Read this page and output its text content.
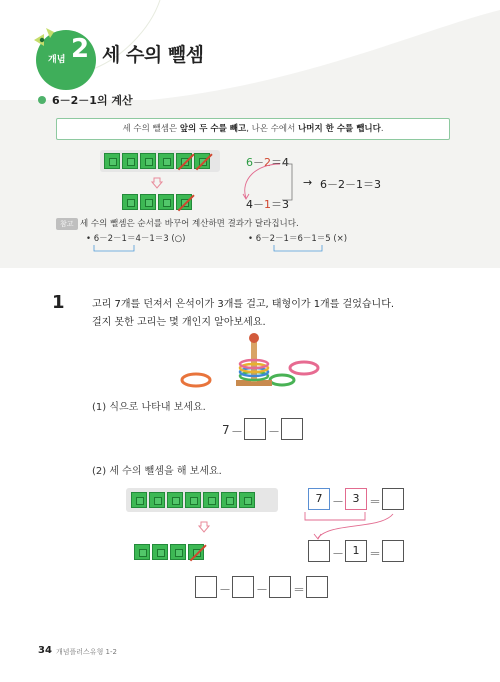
개념 2 세 수의 뺄셈
6－2－1의 계산
세 수의 뺄셈은 앞의 두 수를 빼고, 나온 수에서 나머지 한 수를 뺍니다.
6－2＝4
4－1＝3
→ 6－2－1＝3
참고 세 수의 뺄셈은 순서를 바꾸어 계산하면 결과가 달라집니다.
• 6－2－1＝4－1＝3 (○)	• 6－2－1＝6－1＝5 (×)
1	고리 7개를 던져서 은석이가 3개를 걸고, 태형이가 1개를 걸었습니다.
걸지 못한 고리는 몇 개인지 알아보세요.
(1) 식으로 나타내 보세요.
7 － －
(2) 세 수의 뺄셈을 해 보세요.
7 － 3 ＝
－ 1 ＝
－ － ＝
34 개념플러스유형 1-2
